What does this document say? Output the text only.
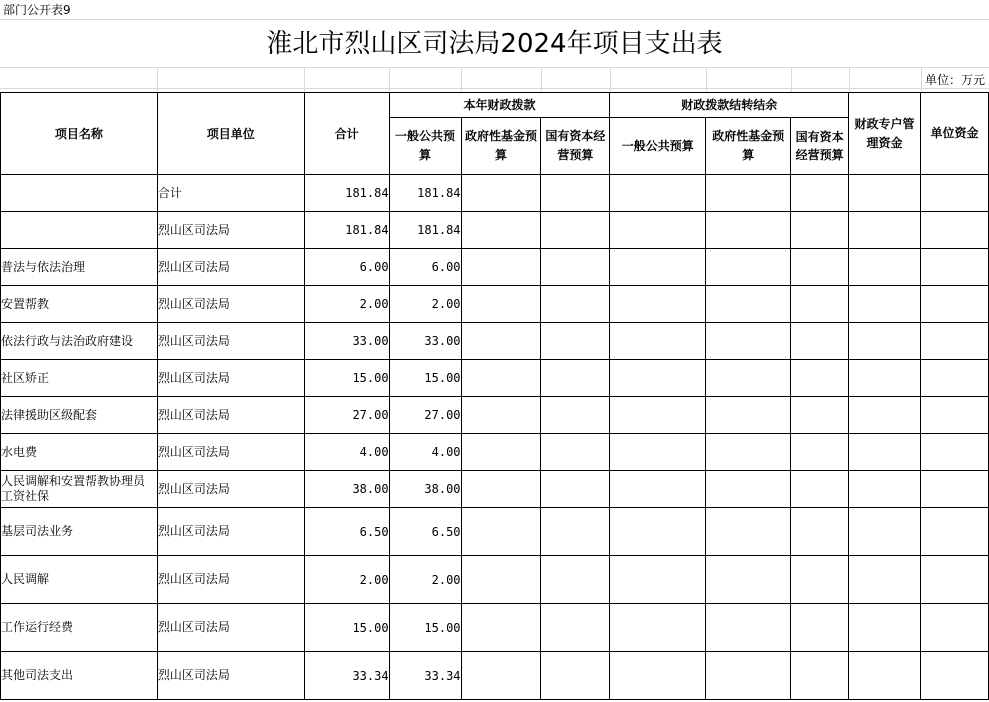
部门公开表9
淮北市烈山区司法局2024年项目支出表
单位：万元
项目名称	项目单位	合计	本年财政拨款			财政拨款结转结余			财政专户管理资金	单位资金
			一般公共预算	政府性基金预算	国有资本经营预算	一般公共预算	政府性基金预算	国有资本经营预算		
	合计	181.84	181.84							
	烈山区司法局	181.84	181.84							
普法与依法治理	烈山区司法局	6.00	6.00							
安置帮教	烈山区司法局	2.00	2.00							
依法行政与法治政府建设	烈山区司法局	33.00	33.00							
社区矫正	烈山区司法局	15.00	15.00							
法律援助区级配套	烈山区司法局	27.00	27.00							
水电费	烈山区司法局	4.00	4.00							
人民调解和安置帮教协理员工资社保	烈山区司法局	38.00	38.00							
基层司法业务	烈山区司法局	6.50	6.50							
人民调解	烈山区司法局	2.00	2.00							
工作运行经费	烈山区司法局	15.00	15.00							
其他司法支出	烈山区司法局	33.34	33.34							
